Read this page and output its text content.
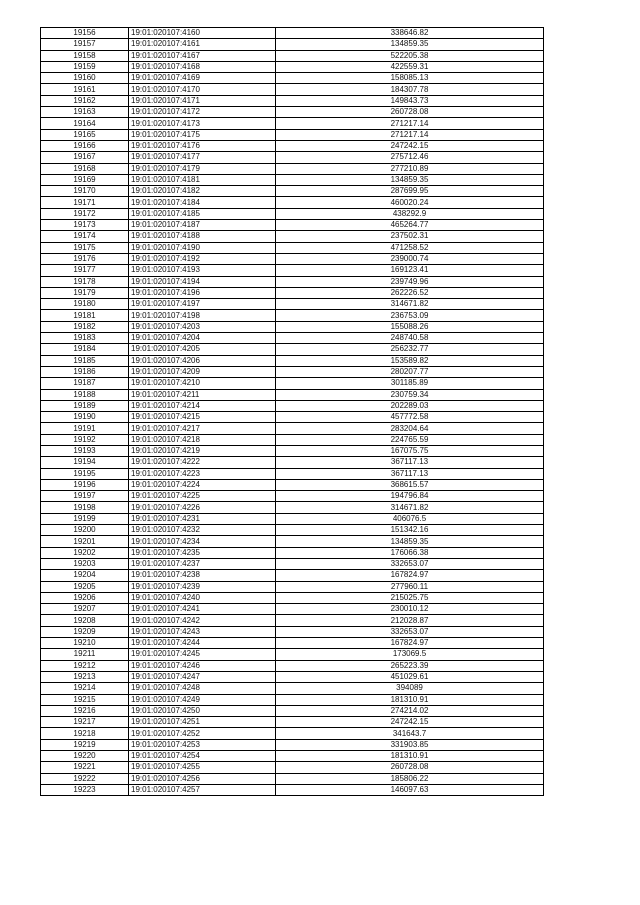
19156	19:01:020107:4160	338646.82
19157	19:01:020107:4161	134859.35
19158	19:01:020107:4167	522205.38
19159	19:01:020107:4168	422559.31
19160	19:01:020107:4169	158085.13
19161	19:01:020107:4170	184307.78
19162	19:01:020107:4171	149843.73
19163	19:01:020107:4172	260728.08
19164	19:01:020107:4173	271217.14
19165	19:01:020107:4175	271217.14
19166	19:01:020107:4176	247242.15
19167	19:01:020107:4177	275712.46
19168	19:01:020107:4179	277210.89
19169	19:01:020107:4181	134859.35
19170	19:01:020107:4182	287699.95
19171	19:01:020107:4184	460020.24
19172	19:01:020107:4185	438292.9
19173	19:01:020107:4187	465264.77
19174	19:01:020107:4188	237502.31
19175	19:01:020107:4190	471258.52
19176	19:01:020107:4192	239000.74
19177	19:01:020107:4193	169123.41
19178	19:01:020107:4194	239749.96
19179	19:01:020107:4196	262226.52
19180	19:01:020107:4197	314671.82
19181	19:01:020107:4198	236753.09
19182	19:01:020107:4203	155088.26
19183	19:01:020107:4204	248740.58
19184	19:01:020107:4205	256232.77
19185	19:01:020107:4206	153589.82
19186	19:01:020107:4209	280207.77
19187	19:01:020107:4210	301185.89
19188	19:01:020107:4211	230759.34
19189	19:01:020107:4214	202289.03
19190	19:01:020107:4215	457772.58
19191	19:01:020107:4217	283204.64
19192	19:01:020107:4218	224765.59
19193	19:01:020107:4219	167075.75
19194	19:01:020107:4222	367117.13
19195	19:01:020107:4223	367117.13
19196	19:01:020107:4224	368615.57
19197	19:01:020107:4225	194796.84
19198	19:01:020107:4226	314671.82
19199	19:01:020107:4231	406076.5
19200	19:01:020107:4232	151342.16
19201	19:01:020107:4234	134859.35
19202	19:01:020107:4235	176066.38
19203	19:01:020107:4237	332653.07
19204	19:01:020107:4238	167824.97
19205	19:01:020107:4239	277960.11
19206	19:01:020107:4240	215025.75
19207	19:01:020107:4241	230010.12
19208	19:01:020107:4242	212028.87
19209	19:01:020107:4243	332653.07
19210	19:01:020107:4244	167824.97
19211	19:01:020107:4245	173069.5
19212	19:01:020107:4246	265223.39
19213	19:01:020107:4247	451029.61
19214	19:01:020107:4248	394089
19215	19:01:020107:4249	181310.91
19216	19:01:020107:4250	274214.02
19217	19:01:020107:4251	247242.15
19218	19:01:020107:4252	341643.7
19219	19:01:020107:4253	331903.85
19220	19:01:020107:4254	181310.91
19221	19:01:020107:4255	260728.08
19222	19:01:020107:4256	185806.22
19223	19:01:020107:4257	146097.63
